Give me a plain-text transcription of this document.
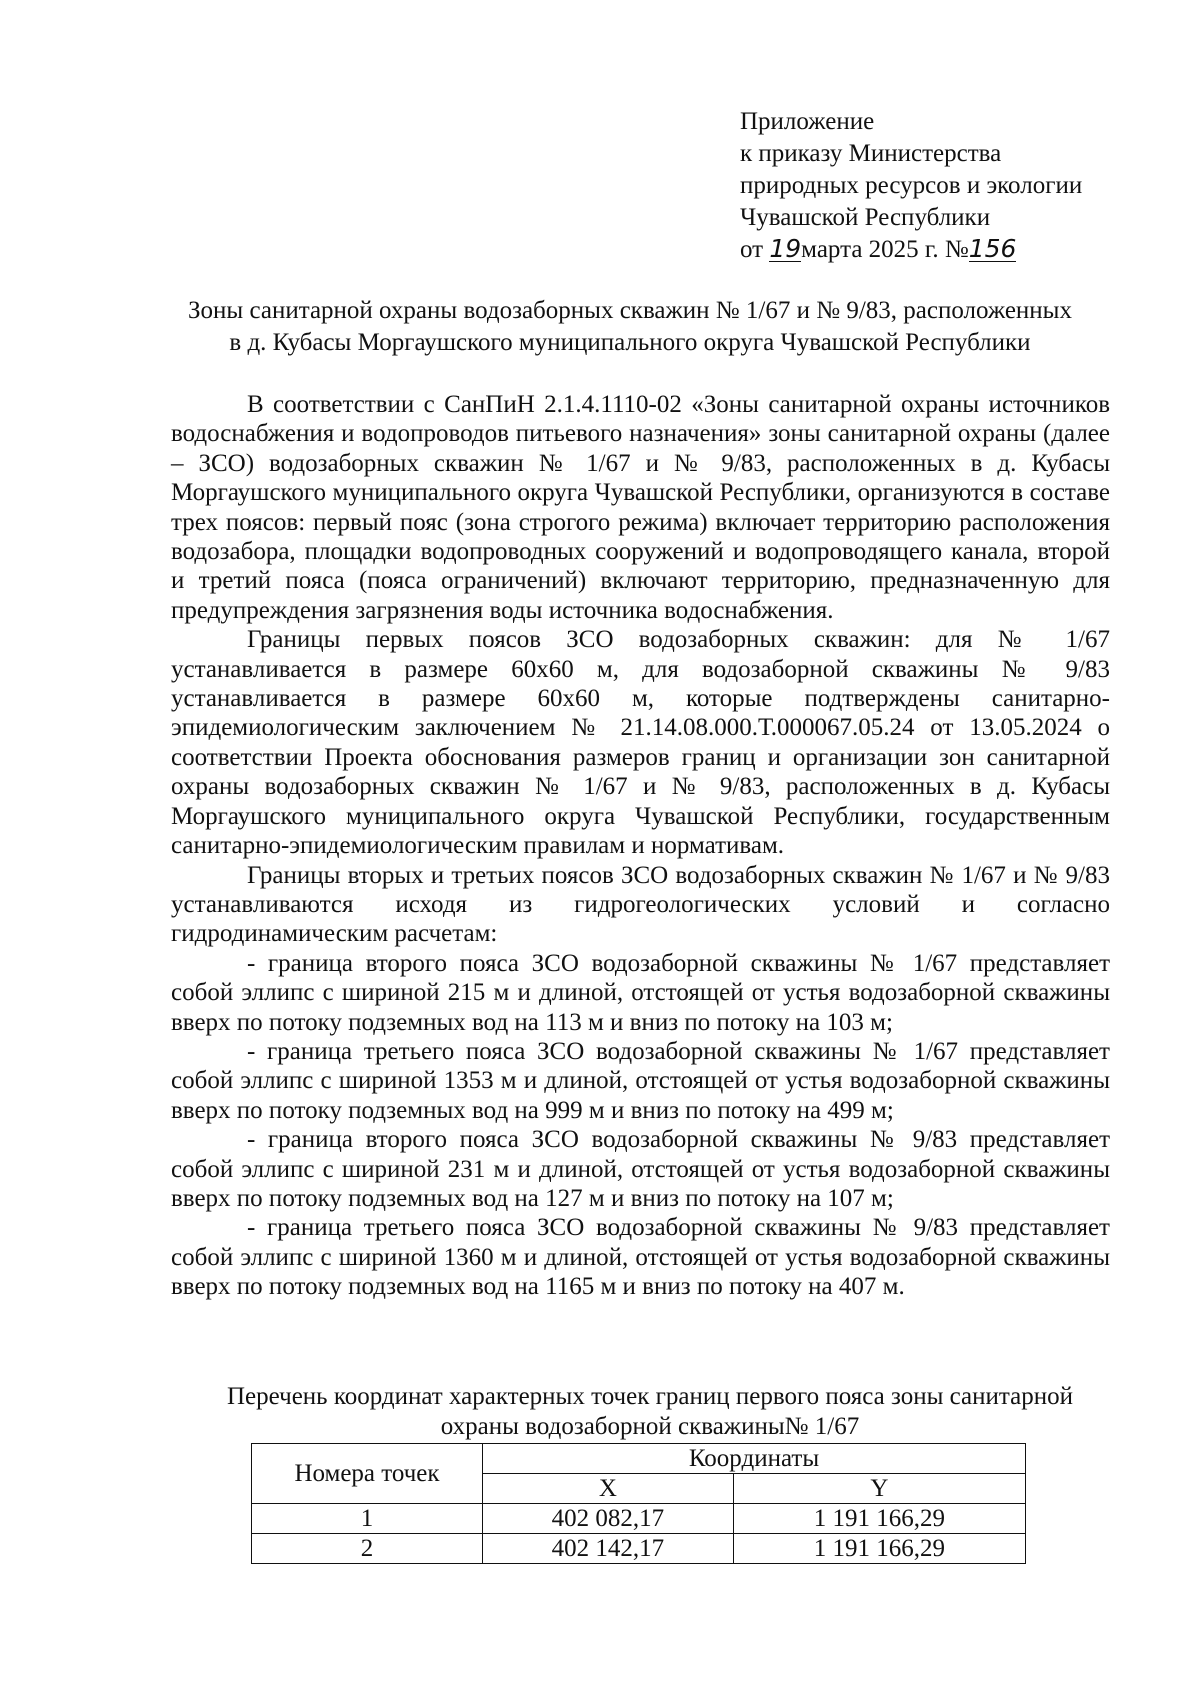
Приложение
к приказу Министерства
природных ресурсов и экологии
Чувашской Республики
от 19марта 2025 г. №156
Зоны санитарной охраны водозаборных скважин № 1/67 и № 9/83, расположенных
в д. Кубасы Моргаушского муниципального округа Чувашской Республики

В соответствии с СанПиН 2.1.4.1110-02 «Зоны санитарной охраны источников водоснабжения и водопроводов питьевого назначения» зоны санитарной охраны (далее – ЗСО) водозаборных скважин № 1/67 и № 9/83, расположенных в д. Кубасы Моргаушского муниципального округа Чувашской Республики, организуются в составе трех поясов: первый пояс (зона строгого режима) включает территорию расположения водозабора, площадки водопроводных сооружений и водопроводящего канала, второй и третий пояса (пояса ограничений) включают территорию, предназначенную для предупреждения загрязнения воды источника водоснабжения.

Границы первых поясов ЗСО водозаборных скважин: для № 1/67 устанавливается в размере 60х60 м, для водозаборной скважины № 9/83 устанавливается в размере 60х60 м, которые подтверждены санитарно-эпидемиологическим заключением № 21.14.08.000.Т.000067.05.24 от 13.05.2024 о соответствии Проекта обоснования размеров границ и организации зон санитарной охраны водозаборных скважин № 1/67 и № 9/83, расположенных в д. Кубасы Моргаушского муниципального округа Чувашской Республики, государственным санитарно-эпидемиологическим правилам и нормативам.

Границы вторых и третьих поясов ЗСО водозаборных скважин № 1/67 и № 9/83 устанавливаются исходя из гидрогеологических условий и согласно гидродинамическим расчетам:

- граница второго пояса ЗСО водозаборной скважины № 1/67 представляет собой эллипс с шириной 215 м и длиной, отстоящей от устья водозаборной скважины вверх по потоку подземных вод на 113 м и вниз по потоку на 103 м;

- граница третьего пояса ЗСО водозаборной скважины № 1/67 представляет собой эллипс с шириной 1353 м и длиной, отстоящей от устья водозаборной скважины вверх по потоку подземных вод на 999 м и вниз по потоку на 499 м;

- граница второго пояса ЗСО водозаборной скважины № 9/83 представляет собой эллипс с шириной 231 м и длиной, отстоящей от устья водозаборной скважины вверх по потоку подземных вод на 127 м и вниз по потоку на 107 м;

- граница третьего пояса ЗСО водозаборной скважины № 9/83 представляет собой эллипс с шириной 1360 м и длиной, отстоящей от устья водозаборной скважины вверх по потоку подземных вод на 1165 м и вниз по потоку на 407 м.

Перечень координат характерных точек границ первого пояса зоны санитарной
охраны водозаборной скважины№ 1/67
Номера точек	Координаты	
	X	Y
1	402 082,17	1 191 166,29
2	402 142,17	1 191 166,29
